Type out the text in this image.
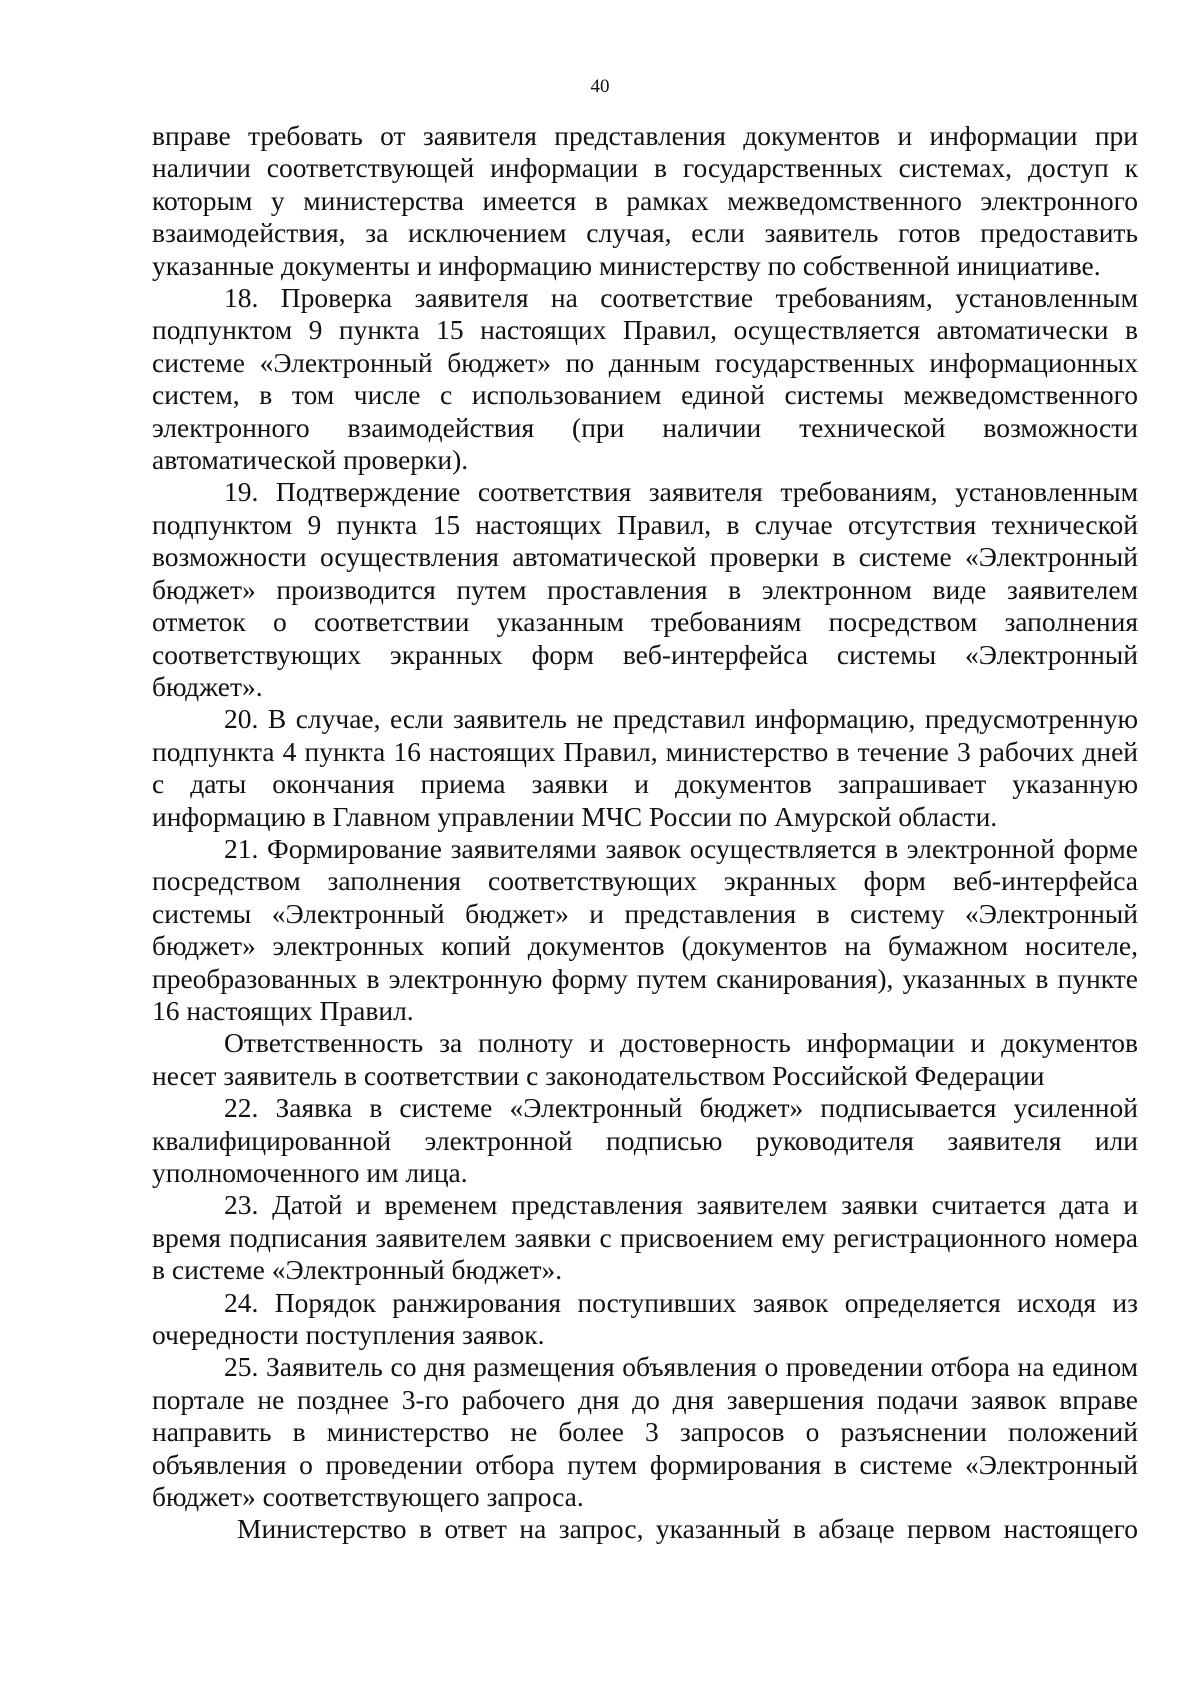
40

вправе требовать от заявителя представления документов и информации при наличии соответствующей информации в государственных системах, доступ к которым у министерства имеется в рамках межведомственного электронного взаимодействия, за исключением случая, если заявитель готов предоставить указанные документы и информацию министерству по собственной инициативе.

18. Проверка заявителя на соответствие требованиям, установленным подпунктом 9 пункта 15 настоящих Правил, осуществляется автоматически в системе «Электронный бюджет» по данным государственных информационных систем, в том числе с использованием единой системы межведомственного электронного взаимодействия (при наличии технической возможности автоматической проверки).

19. Подтверждение соответствия заявителя требованиям, установленным подпунктом 9 пункта 15 настоящих Правил, в случае отсутствия технической возможности осуществления автоматической проверки в системе «Электронный бюджет» производится путем проставления в электронном виде заявителем отметок о соответствии указанным требованиям посредством заполнения соответствующих экранных форм веб-интерфейса системы «Электронный бюджет».

20. В случае, если заявитель не представил информацию, предусмотренную подпункта 4 пункта 16 настоящих Правил, министерство в течение 3 рабочих дней с даты окончания приема заявки и документов запрашивает указанную информацию в Главном управлении МЧС России по Амурской области.

21. Формирование заявителями заявок осуществляется в электронной форме посредством заполнения соответствующих экранных форм веб-интерфейса системы «Электронный бюджет» и представления в систему «Электронный бюджет» электронных копий документов (документов на бумажном носителе, преобразованных в электронную форму путем сканирования), указанных в пункте 16 настоящих Правил.

Ответственность за полноту и достоверность информации и документов несет заявитель в соответствии с законодательством Российской Федерации

22. Заявка в системе «Электронный бюджет» подписывается усиленной квалифицированной электронной подписью руководителя заявителя или уполномоченного им лица.

23. Датой и временем представления заявителем заявки считается дата и время подписания заявителем заявки с присвоением ему регистрационного номера в системе «Электронный бюджет».

24. Порядок ранжирования поступивших заявок определяется исходя из очередности поступления заявок.

25. Заявитель со дня размещения объявления о проведении отбора на едином портале не позднее 3-го рабочего дня до дня завершения подачи заявок вправе направить в министерство не более 3 запросов о разъяснении положений объявления о проведении отбора путем формирования в системе «Электронный бюджет» соответствующего запроса.

Министерство в ответ на запрос, указанный в абзаце первом настоящего
